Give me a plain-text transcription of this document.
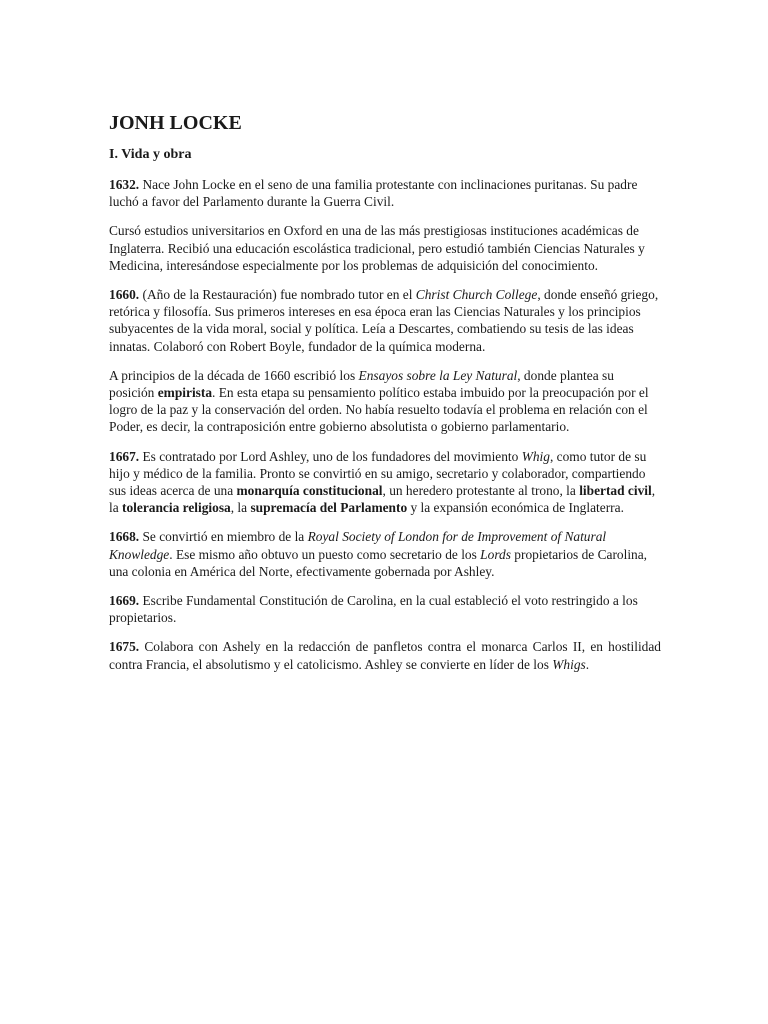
JONH LOCKE
I. Vida y obra

1632. Nace John Locke en el seno de una familia protestante con inclinaciones puritanas. Su padre luchó a favor del Parlamento durante la Guerra Civil.

Cursó estudios universitarios en Oxford en una de las más prestigiosas instituciones académicas de Inglaterra. Recibió una educación escolástica tradicional, pero estudió también Ciencias Naturales y Medicina, interesándose especialmente por los problemas de adquisición del conocimiento.

1660. (Año de la Restauración) fue nombrado tutor en el Christ Church College, donde enseñó griego, retórica y filosofía. Sus primeros intereses en esa época eran las Ciencias Naturales y los principios subyacentes de la vida moral, social y política. Leía a Descartes, combatiendo su tesis de las ideas innatas. Colaboró con Robert Boyle, fundador de la química moderna.

A principios de la década de 1660 escribió los Ensayos sobre la Ley Natural, donde plantea su posición empirista. En esta etapa su pensamiento político estaba imbuido por la preocupación por el logro de la paz y la conservación del orden. No había resuelto todavía el problema en relación con el Poder, es decir, la contraposición entre gobierno absolutista o gobierno parlamentario.

1667. Es contratado por Lord Ashley, uno de los fundadores del movimiento Whig, como tutor de su hijo y médico de la familia. Pronto se convirtió en su amigo, secretario y colaborador, compartiendo sus ideas acerca de una monarquía constitucional, un heredero protestante al trono, la libertad civil, la tolerancia religiosa, la supremacía del Parlamento y la expansión económica de Inglaterra.

1668. Se convirtió en miembro de la Royal Society of London for de Improvement of Natural Knowledge. Ese mismo año obtuvo un puesto como secretario de los Lords propietarios de Carolina, una colonia en América del Norte, efectivamente gobernada por Ashley.

1669. Escribe Fundamental Constitución de Carolina, en la cual estableció el voto restringido a los propietarios.

1675. Colabora con Ashely en la redacción de panfletos contra el monarca Carlos II, en hostilidad contra Francia, el absolutismo y el catolicismo. Ashley se convierte en líder de los Whigs.
